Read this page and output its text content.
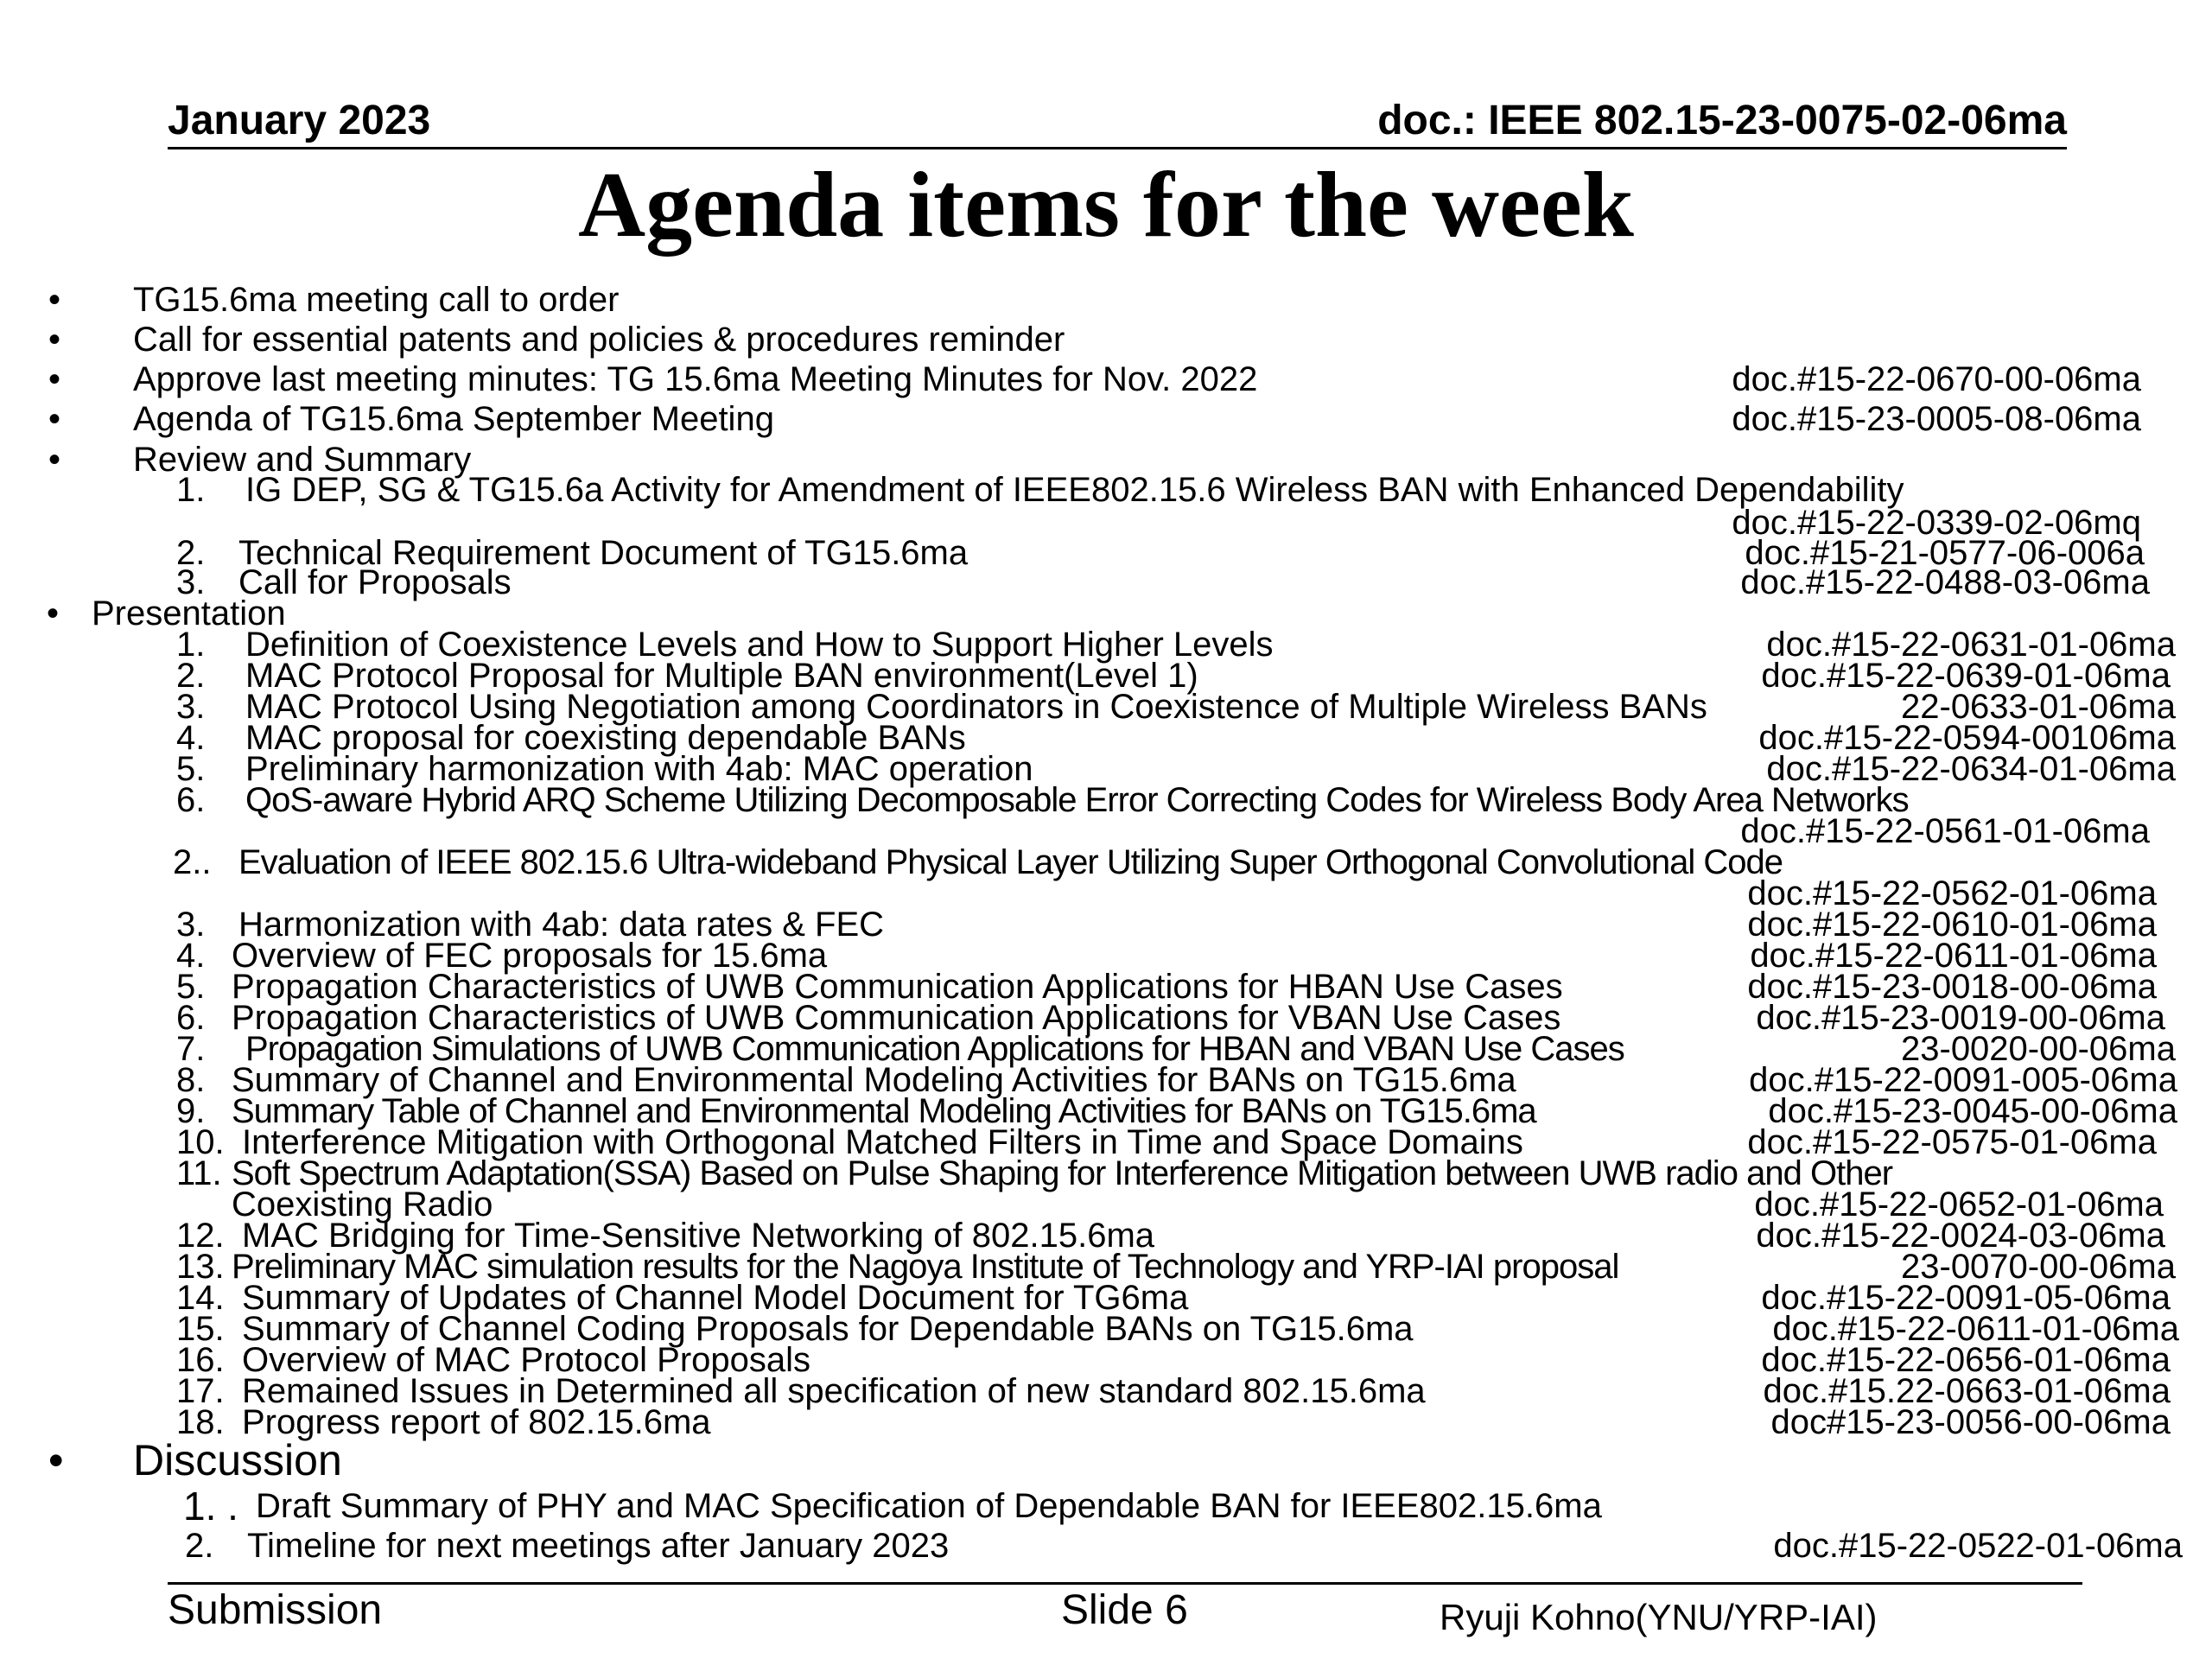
January 2023	doc.: IEEE 802.15-23-0075-02-06ma
Agenda items for the week
• TG15.6ma meeting call to order
• Call for essential patents and policies & procedures reminder
• Approve last meeting minutes: TG 15.6ma Meeting Minutes for Nov. 2022	doc.#15-22-0670-00-06ma
• Agenda of TG15.6ma September Meeting	doc.#15-23-0005-08-06ma
• Review and Summary
1. IG DEP, SG & TG15.6a Activity for Amendment of IEEE802.15.6 Wireless BAN with Enhanced Dependability
doc.#15-22-0339-02-06mq
2. Technical Requirement Document of TG15.6ma	doc.#15-21-0577-06-006a
3. Call for Proposals	doc.#15-22-0488-03-06ma
• Presentation
1. Definition of Coexistence Levels and How to Support Higher Levels	doc.#15-22-0631-01-06ma
2. MAC Protocol Proposal for Multiple BAN environment(Level 1)	doc.#15-22-0639-01-06ma
3. MAC Protocol Using Negotiation among Coordinators in Coexistence of Multiple Wireless BANs	22-0633-01-06ma
4. MAC proposal for coexisting dependable BANs	doc.#15-22-0594-00106ma
5. Preliminary harmonization with 4ab: MAC operation	doc.#15-22-0634-01-06ma
6. QoS-aware Hybrid ARQ Scheme Utilizing Decomposable Error Correcting Codes for Wireless Body Area Networks
doc.#15-22-0561-01-06ma
2.. Evaluation of IEEE 802.15.6 Ultra-wideband Physical Layer Utilizing Super Orthogonal Convolutional Code
doc.#15-22-0562-01-06ma
3. Harmonization with 4ab: data rates & FEC	doc.#15-22-0610-01-06ma
4. Overview of FEC proposals for 15.6ma	doc.#15-22-0611-01-06ma
5. Propagation Characteristics of UWB Communication Applications for HBAN Use Cases	doc.#15-23-0018-00-06ma
6. Propagation Characteristics of UWB Communication Applications for VBAN Use Cases	doc.#15-23-0019-00-06ma
7. Propagation Simulations of UWB Communication Applications for HBAN and VBAN Use Cases	23-0020-00-06ma
8. Summary of Channel and Environmental Modeling Activities for BANs on TG15.6ma	doc.#15-22-0091-005-06ma
9. Summary Table of Channel and Environmental Modeling Activities for BANs on TG15.6ma	doc.#15-23-0045-00-06ma
10. Interference Mitigation with Orthogonal Matched Filters in Time and Space Domains	doc.#15-22-0575-01-06ma
11. Soft Spectrum Adaptation(SSA) Based on Pulse Shaping for Interference Mitigation between UWB radio and Other
Coexisting Radio	doc.#15-22-0652-01-06ma
12. MAC Bridging for Time-Sensitive Networking of 802.15.6ma	doc.#15-22-0024-03-06ma
13. Preliminary MAC simulation results for the Nagoya Institute of Technology and YRP-IAI proposal	23-0070-00-06ma
14. Summary of Updates of Channel Model Document for TG6ma	doc.#15-22-0091-05-06ma
15. Summary of Channel Coding Proposals for Dependable BANs on TG15.6ma	doc.#15-22-0611-01-06ma
16. Overview of MAC Protocol Proposals	doc.#15-22-0656-01-06ma
17. Remained Issues in Determined all specification of new standard 802.15.6ma	doc.#15.22-0663-01-06ma
18. Progress report of 802.15.6ma	doc#15-23-0056-00-06ma
• Discussion
1. . Draft Summary of PHY and MAC Specification of Dependable BAN for IEEE802.15.6ma
2. Timeline for next meetings after January 2023	doc.#15-22-0522-01-06ma
Submission	Slide 6	Ryuji Kohno(YNU/YRP-IAI)
